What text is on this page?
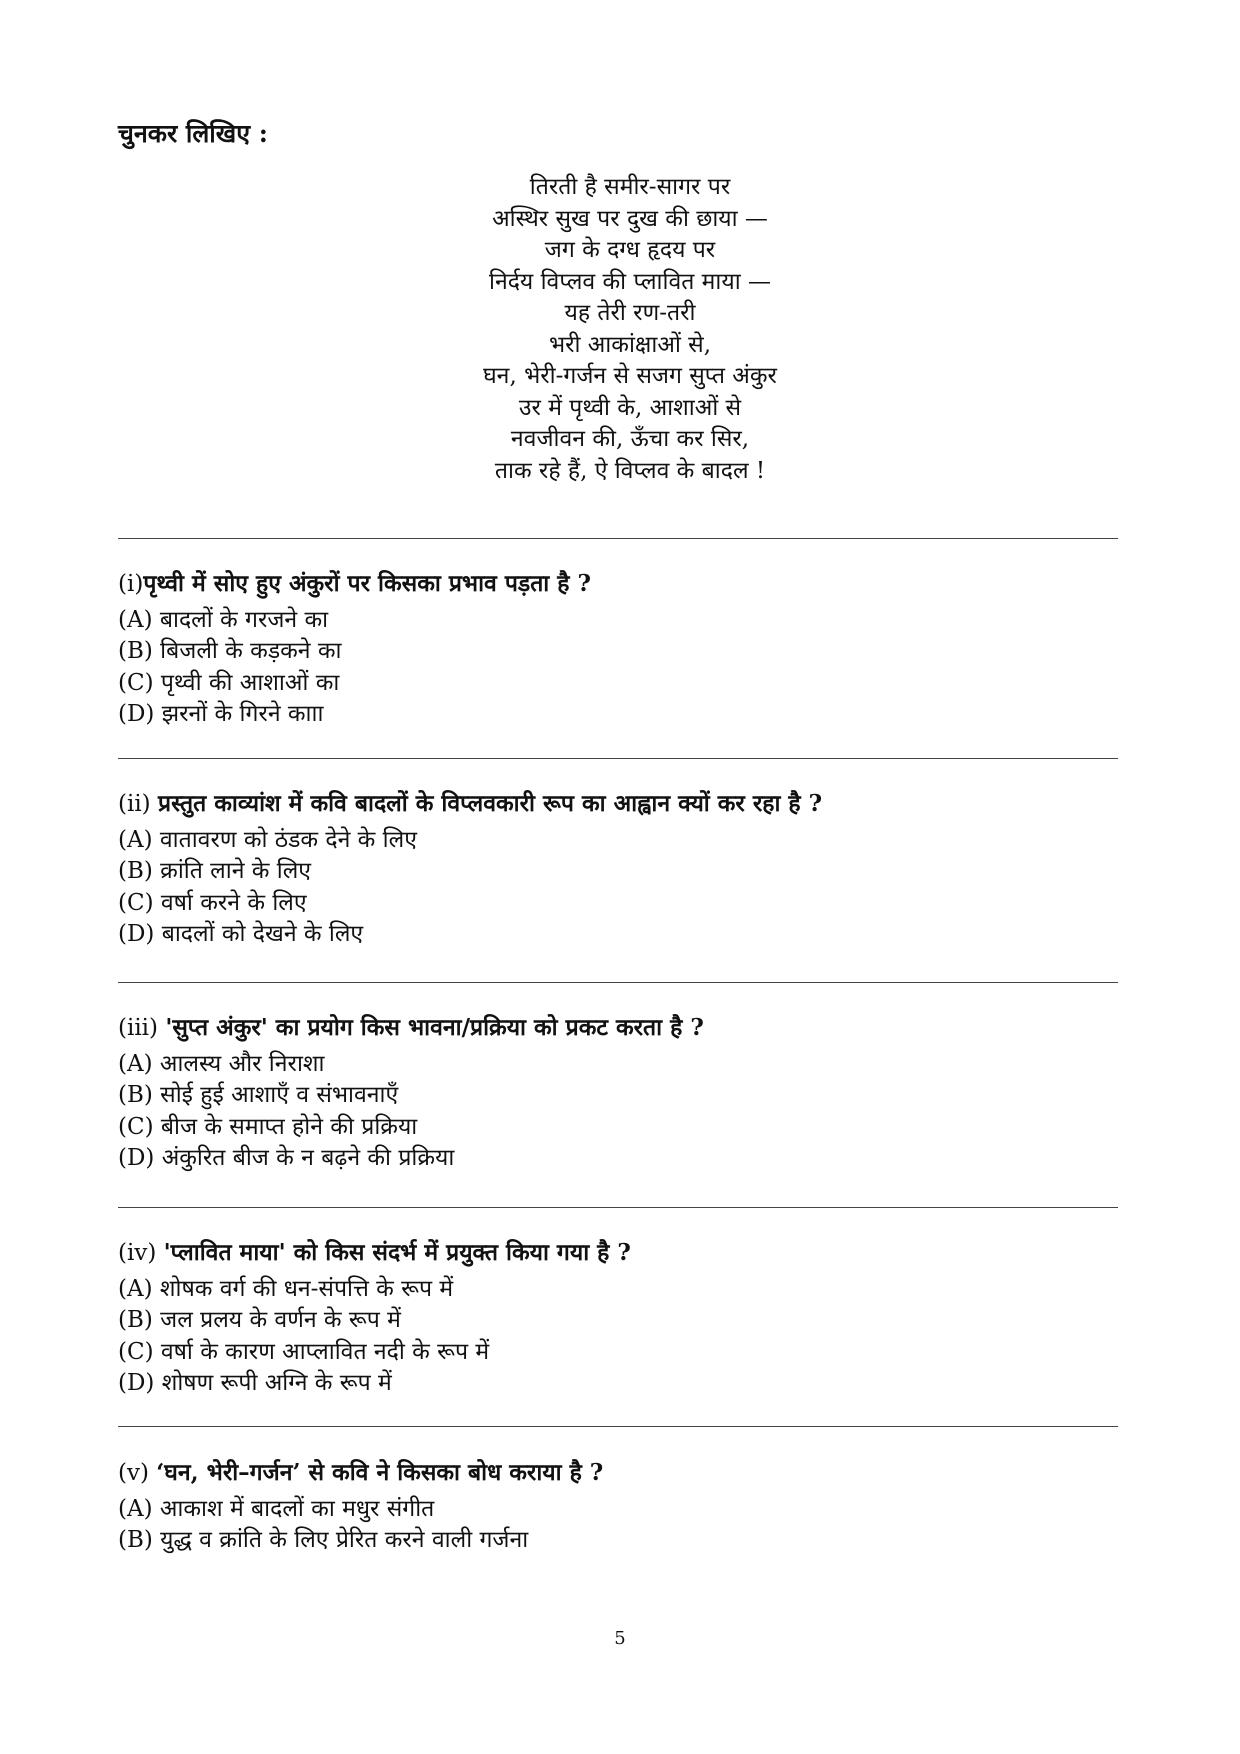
चुनकर लिखिए :
तिरती है समीर-सागर पर
अस्थिर सुख पर दुख की छाया —
जग के दग्ध हृदय पर
निर्दय विप्लव की प्लावित माया —
यह तेरी रण-तरी
भरी आकांक्षाओं से,
घन, भेरी-गर्जन से सजग सुप्त अंकुर
उर में पृथ्वी के, आशाओं से
नवजीवन की, ऊँचा कर सिर,
ताक रहे हैं, ऐ विप्लव के बादल !
(i)पृथ्वी में सोए हुए अंकुरों पर किसका प्रभाव पड़ता है ?
(A) बादलों के गरजने का
(B) बिजली के कड़कने का
(C) पृथ्वी की आशाओं का
(D) झरनों के गिरने कााा
(ii) प्रस्तुत काव्यांश में कवि बादलों के विप्लवकारी रूप का आह्वान क्यों कर रहा है ?
(A) वातावरण को ठंडक देने के लिए
(B) क्रांति लाने के लिए
(C) वर्षा करने के लिए
(D) बादलों को देखने के लिए
(iii) 'सुप्त अंकुर' का प्रयोग किस भावना/प्रक्रिया को प्रकट करता है ?
(A) आलस्य और निराशा
(B) सोई हुई आशाएँ व संभावनाएँ
(C) बीज के समाप्त होने की प्रक्रिया
(D) अंकुरित बीज के न बढ़ने की प्रक्रिया
(iv) 'प्लावित माया' को किस संदर्भ में प्रयुक्त किया गया है ?
(A) शोषक वर्ग की धन-संपत्ति के रूप में
(B) जल प्रलय के वर्णन के रूप में
(C) वर्षा के कारण आप्लावित नदी के रूप में
(D) शोषण रूपी अग्नि के रूप में
(v) ‘घन, भेरी–गर्जन’ से कवि ने किसका बोध कराया है ?
(A) आकाश में बादलों का मधुर संगीत
(B) युद्ध व क्रांति के लिए प्रेरित करने वाली गर्जना
5
